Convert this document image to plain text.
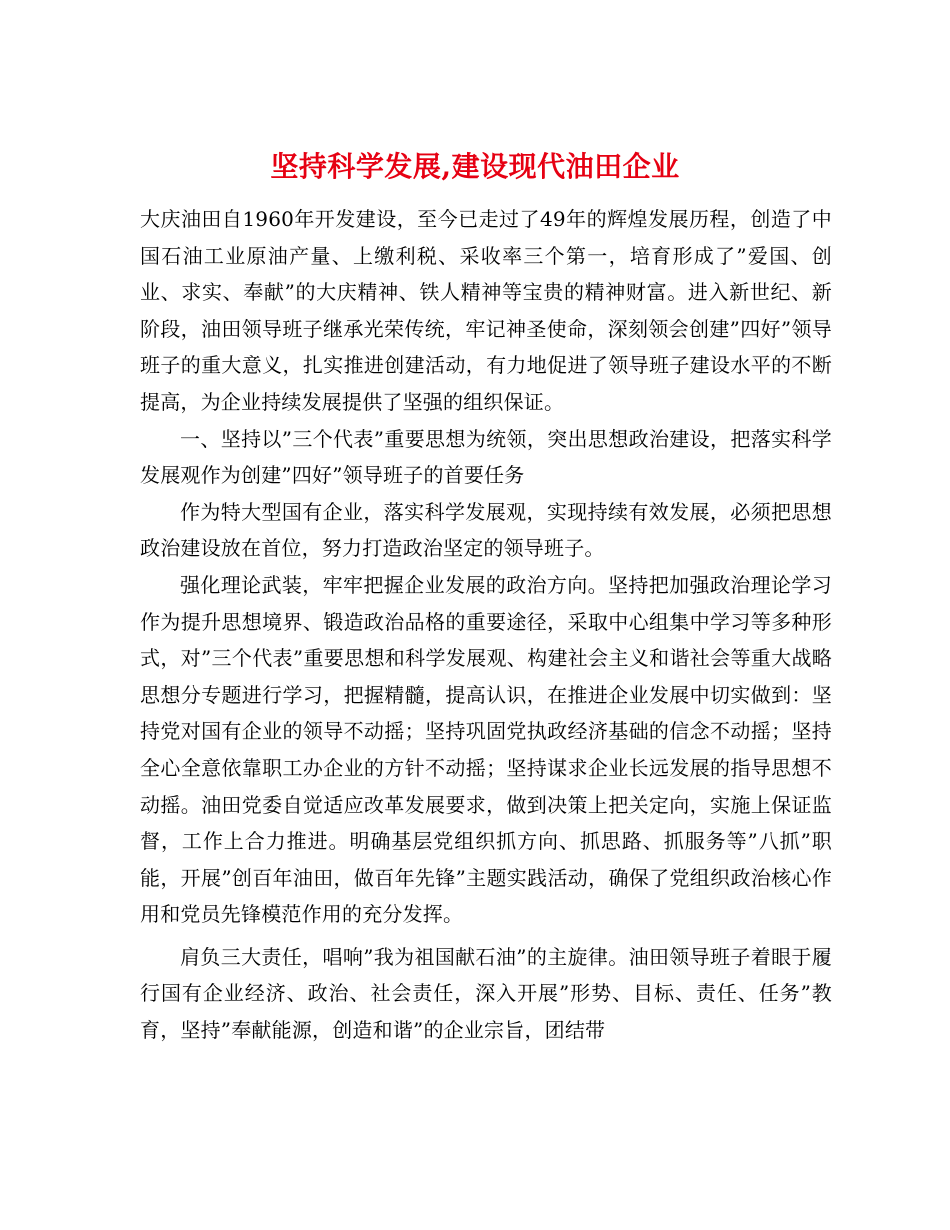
坚持科学发展,建设现代油田企业

大庆油田自1960年开发建设，至今已走过了49年的辉煌发展历程，创造了中国石油工业原油产量、上缴利税、采收率三个第一，培育形成了”爱国、创业、求实、奉献”的大庆精神、铁人精神等宝贵的精神财富。进入新世纪、新阶段，油田领导班子继承光荣传统，牢记神圣使命，深刻领会创建”四好”领导班子的重大意义，扎实推进创建活动，有力地促进了领导班子建设水平的不断提高，为企业持续发展提供了坚强的组织保证。

一、坚持以”三个代表”重要思想为统领，突出思想政治建设，把落实科学发展观作为创建”四好”领导班子的首要任务

作为特大型国有企业，落实科学发展观，实现持续有效发展，必须把思想政治建设放在首位，努力打造政治坚定的领导班子。

强化理论武装，牢牢把握企业发展的政治方向。坚持把加强政治理论学习作为提升思想境界、锻造政治品格的重要途径，采取中心组集中学习等多种形式，对”三个代表”重要思想和科学发展观、构建社会主义和谐社会等重大战略思想分专题进行学习，把握精髓，提高认识，在推进企业发展中切实做到：坚持党对国有企业的领导不动摇；坚持巩固党执政经济基础的信念不动摇；坚持全心全意依靠职工办企业的方针不动摇；坚持谋求企业长远发展的指导思想不动摇。油田党委自觉适应改革发展要求，做到决策上把关定向，实施上保证监督，工作上合力推进。明确基层党组织抓方向、抓思路、抓服务等”八抓”职能，开展”创百年油田，做百年先锋”主题实践活动，确保了党组织政治核心作用和党员先锋模范作用的充分发挥。

肩负三大责任，唱响”我为祖国献石油”的主旋律。油田领导班子着眼于履行国有企业经济、政治、社会责任，深入开展”形势、目标、责任、任务”教育，坚持”奉献能源，创造和谐”的企业宗旨，团结带
